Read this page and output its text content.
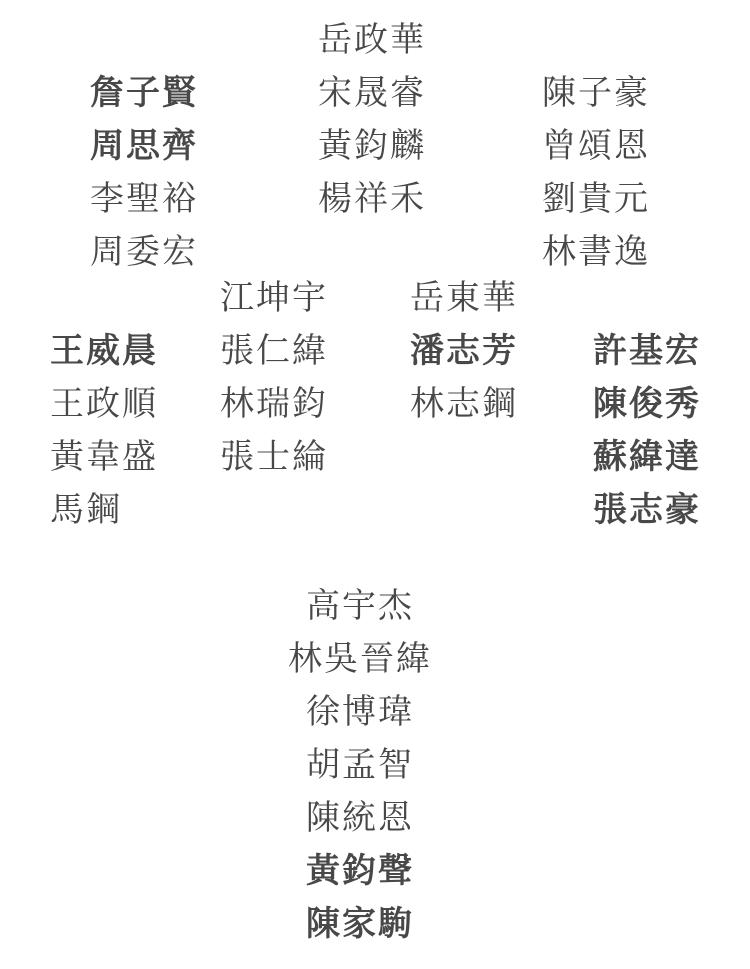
岳政華
宋晟睿
黃鈞麟
楊祥禾
詹子賢
周思齊
李聖裕
周委宏
陳子豪
曾頌恩
劉貴元
林書逸
王威晨
王政順
黃韋盛
馬鋼
江坤宇
張仁緯
林瑞鈞
張士綸
岳東華
潘志芳
林志鋼
許基宏
陳俊秀
蘇緯達
張志豪
高宇杰
林吳晉緯
徐博瑋
胡孟智
陳統恩
黃鈞聲
陳家駒
